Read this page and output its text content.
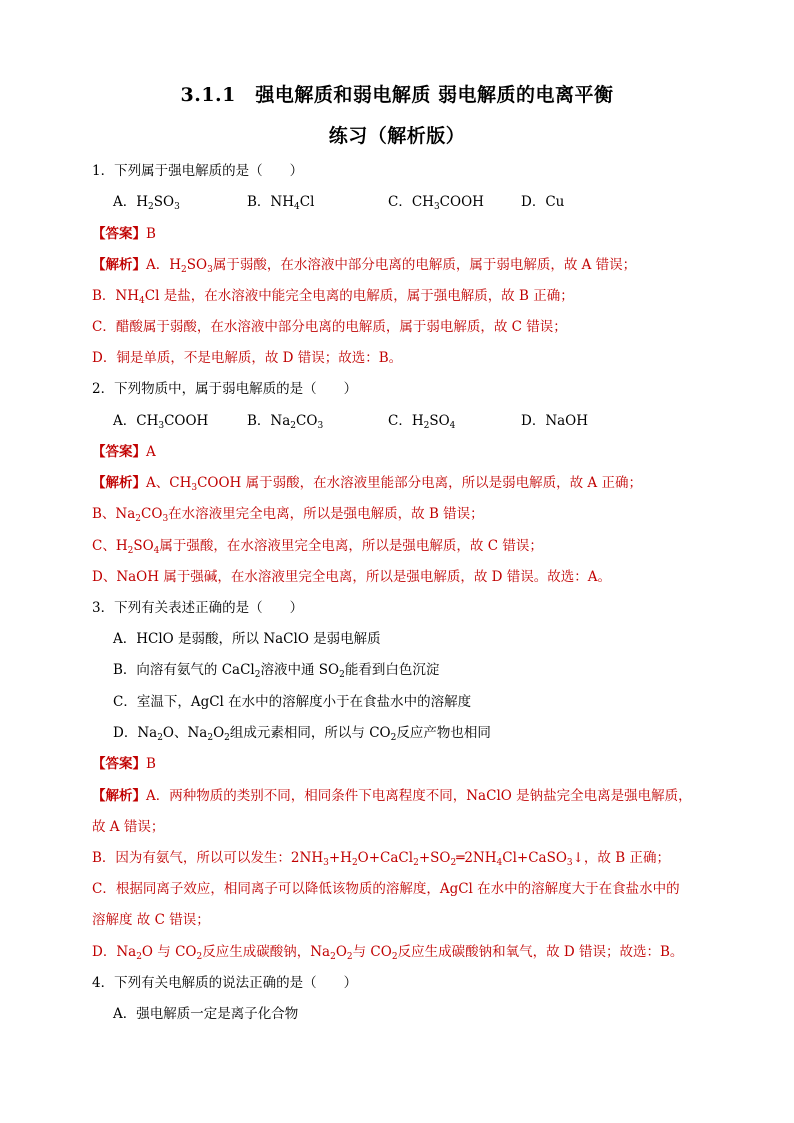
3.1.1　强电解质和弱电解质 弱电解质的电离平衡
练习（解析版）
1．下列属于强电解质的是（　　）
A．$H_2SO_3$	B．$NH_4Cl$	C．$CH_3COOH$	D．Cu
【答案】B
【解析】A．$H_2SO_3$属于弱酸，在水溶液中部分电离的电解质，属于弱电解质，故 A 错误；
B．$NH_4Cl$ 是盐，在水溶液中能完全电离的电解质，属于强电解质，故 B 正确；
C．醋酸属于弱酸，在水溶液中部分电离的电解质，属于弱电解质，故 C 错误；
D．铜是单质，不是电解质，故 D 错误；故选：B。
2．下列物质中，属于弱电解质的是（　　）
A．$CH_3COOH$	B．$Na_2CO_3$	C．$H_2SO_4$	D．NaOH
【答案】A
【解析】A、$CH_3COOH$ 属于弱酸，在水溶液里能部分电离，所以是弱电解质，故 A 正确；
B、$Na_2CO_3$在水溶液里完全电离，所以是强电解质，故 B 错误；
C、$H_2SO_4$属于强酸，在水溶液里完全电离，所以是强电解质，故 C 错误；
D、NaOH 属于强碱，在水溶液里完全电离，所以是强电解质，故 D 错误。故选：A。
3．下列有关表述正确的是（　　）
A．HClO 是弱酸，所以 NaClO 是弱电解质
B．向溶有氨气的 CaCl$_2$溶液中通 $SO_2$能看到白色沉淀
C．室温下，AgCl 在水中的溶解度小于在食盐水中的溶解度
D．$Na_2O$、$Na_2O_2$组成元素相同，所以与 $CO_2$反应产物也相同
【答案】B
【解析】A．两种物质的类别不同，相同条件下电离程度不同，NaClO 是钠盐完全电离是强电解质，
故 A 错误；
B．因为有氨气，所以可以发生：$2NH_3+H_2O+CaCl_2+SO_2═2NH_4Cl+CaSO_3↓$，故 B 正确；
C．根据同离子效应，相同离子可以降低该物质的溶解度，AgCl 在水中的溶解度大于在食盐水中的
溶解度 故 C 错误；
D．$Na_2O$ 与 $CO_2$反应生成碳酸钠，$Na_2O_2$与 $CO_2$反应生成碳酸钠和氧气，故 D 错误；故选：B。
4．下列有关电解质的说法正确的是（　　）
A．强电解质一定是离子化合物
